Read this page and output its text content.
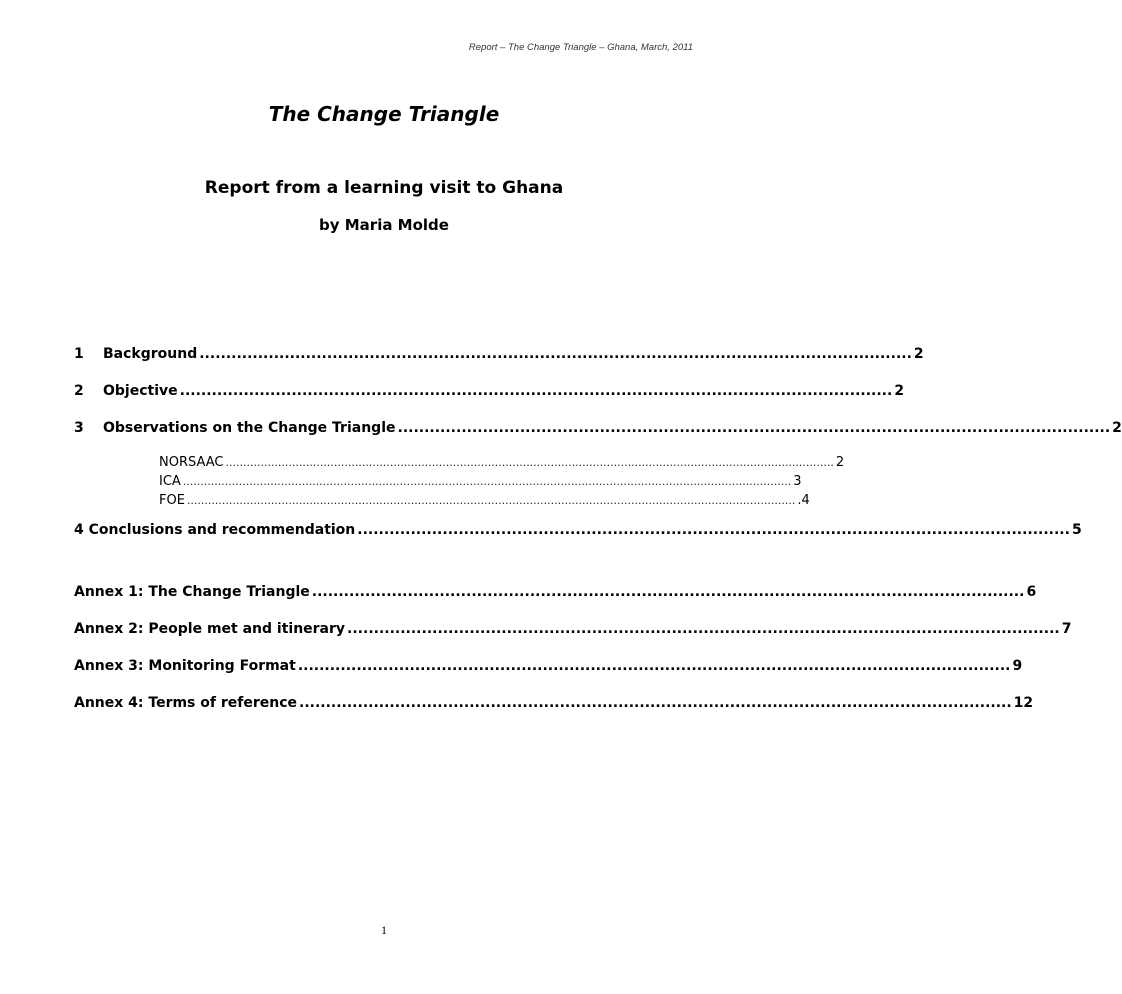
Report – The Change Triangle – Ghana, March, 2011
The Change Triangle
Report from a learning visit to Ghana
by Maria Molde
1	Background ...................................................................................................................................... 2
2	Objective ...................................................................................................................................... 2
3	Observations on the Change Triangle ...................................................................................................................................... 2
NORSAAC .............................................................................................................................................................................. 2
ICA .............................................................................................................................................................................. 3
FOE .............................................................................................................................................................................. .4
4 Conclusions and recommendation ...................................................................................................................................... 5
Annex 1: The Change Triangle ...................................................................................................................................... 6
Annex 2: People met and itinerary ...................................................................................................................................... 7
Annex 3: Monitoring Format ...................................................................................................................................... 9
Annex 4: Terms of reference ...................................................................................................................................... 12
1
